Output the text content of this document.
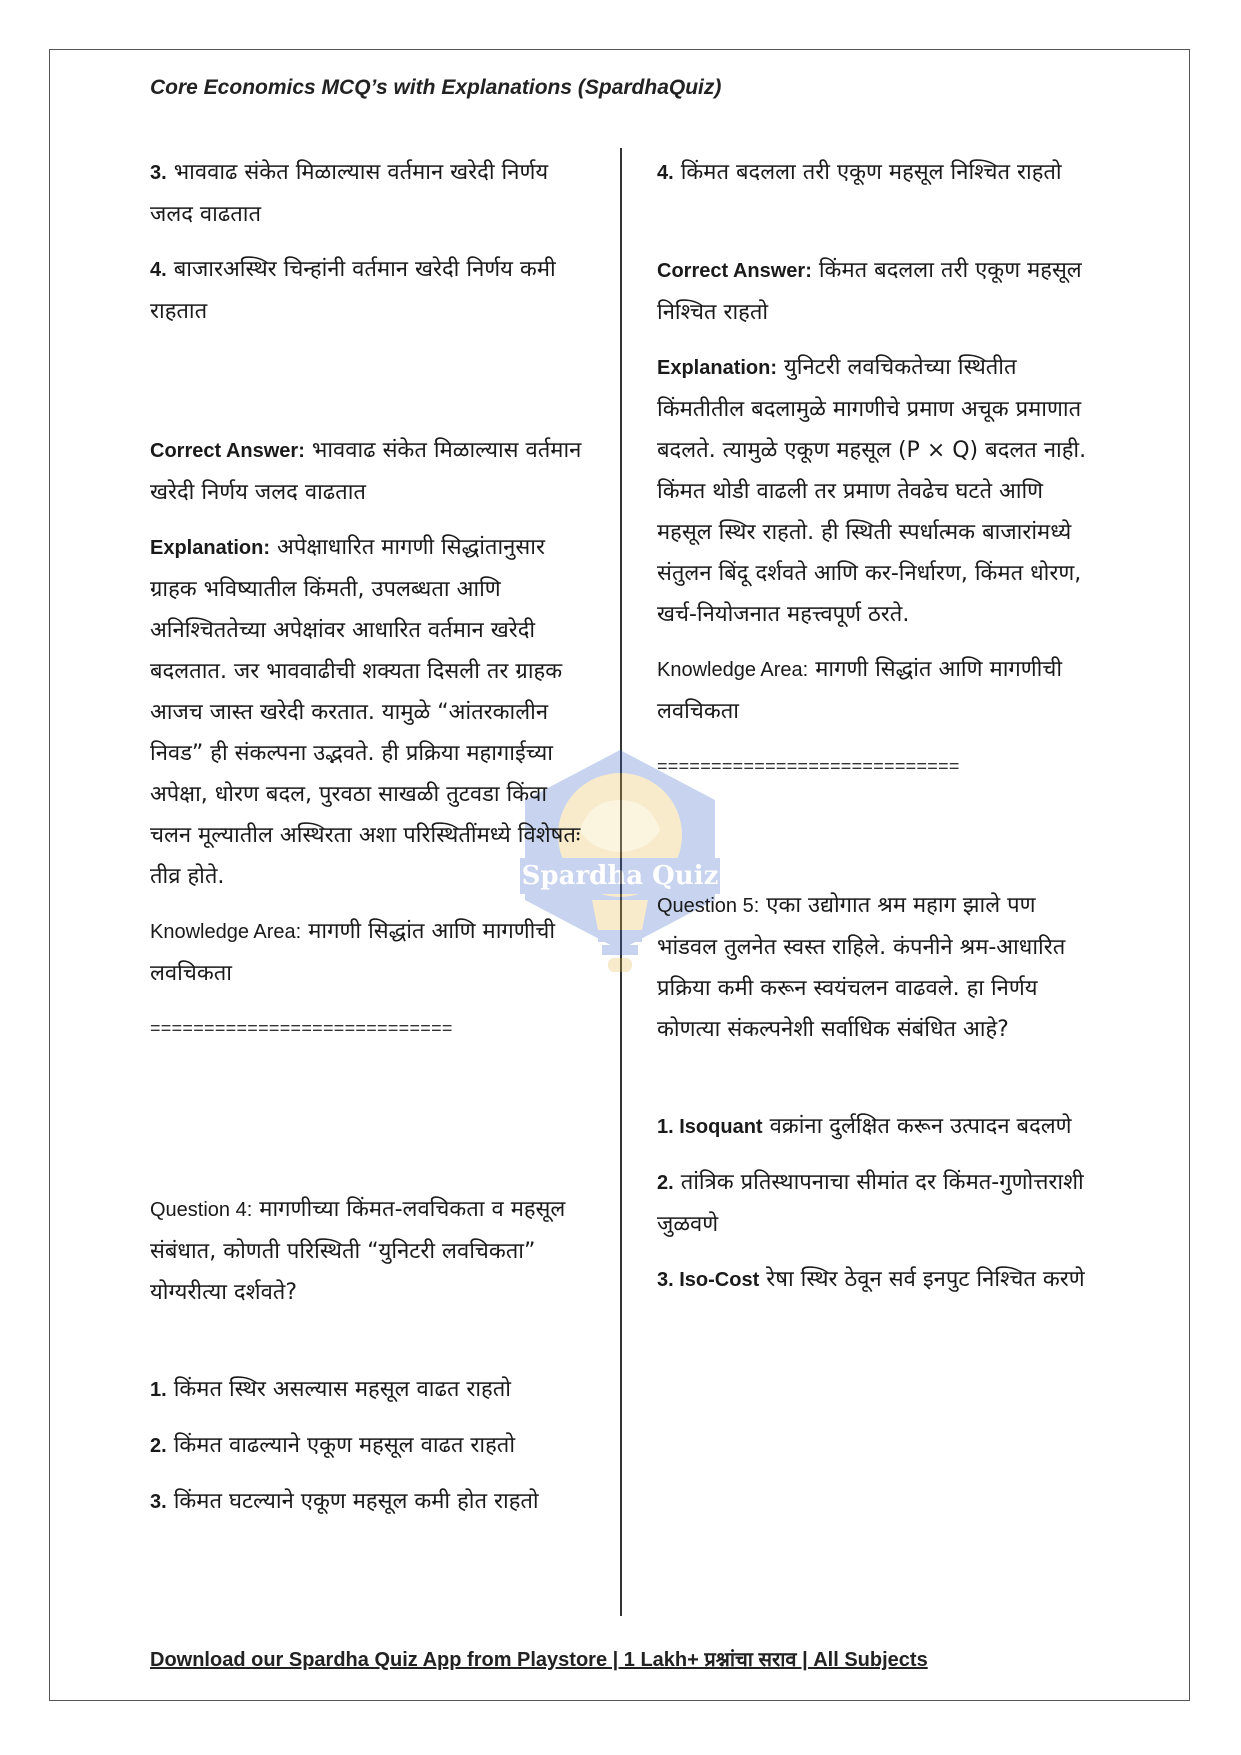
Core Economics MCQ’s with Explanations (SpardhaQuiz)
Spardha Quiz

3. भाववाढ संकेत मिळाल्यास वर्तमान खरेदी निर्णय जलद वाढतात

4. बाजारअस्थिर चिन्हांनी वर्तमान खरेदी निर्णय कमी राहतात

Correct Answer: भाववाढ संकेत मिळाल्यास वर्तमान खरेदी निर्णय जलद वाढतात

Explanation: अपेक्षाधारित मागणी सिद्धांतानुसार ग्राहक भविष्यातील किंमती, उपलब्धता आणि अनिश्चिततेच्या अपेक्षांवर आधारित वर्तमान खरेदी बदलतात. जर भाववाढीची शक्यता दिसली तर ग्राहक आजच जास्त खरेदी करतात. यामुळे “आंतरकालीन निवड” ही संकल्पना उद्भवते. ही प्रक्रिया महागाईच्या अपेक्षा, धोरण बदल, पुरवठा साखळी तुटवडा किंवा चलन मूल्यातील अस्थिरता अशा परिस्थितींमध्ये विशेषतः तीव्र होते.

Knowledge Area: मागणी सिद्धांत आणि मागणीची लवचिकता

============================

Question 4: मागणीच्या किंमत-लवचिकता व महसूल संबंधात, कोणती परिस्थिती “युनिटरी लवचिकता” योग्यरीत्या दर्शवते?

1. किंमत स्थिर असल्यास महसूल वाढत राहतो

2. किंमत वाढल्याने एकूण महसूल वाढत राहतो

3. किंमत घटल्याने एकूण महसूल कमी होत राहतो

4. किंमत बदलला तरी एकूण महसूल निश्चित राहतो

Correct Answer: किंमत बदलला तरी एकूण महसूल निश्चित राहतो

Explanation: युनिटरी लवचिकतेच्या स्थितीत किंमतीतील बदलामुळे मागणीचे प्रमाण अचूक प्रमाणात बदलते. त्यामुळे एकूण महसूल (P × Q) बदलत नाही. किंमत थोडी वाढली तर प्रमाण तेवढेच घटते आणि महसूल स्थिर राहतो. ही स्थिती स्पर्धात्मक बाजारांमध्ये संतुलन बिंदू दर्शवते आणि कर-निर्धारण, किंमत धोरण, खर्च-नियोजनात महत्त्वपूर्ण ठरते.

Knowledge Area: मागणी सिद्धांत आणि मागणीची लवचिकता

============================

Question 5: एका उद्योगात श्रम महाग झाले पण भांडवल तुलनेत स्वस्त राहिले. कंपनीने श्रम-आधारित प्रक्रिया कमी करून स्वयंचलन वाढवले. हा निर्णय कोणत्या संकल्पनेशी सर्वाधिक संबंधित आहे?

1. Isoquant वक्रांना दुर्लक्षित करून उत्पादन बदलणे

2. तांत्रिक प्रतिस्थापनाचा सीमांत दर किंमत-गुणोत्तराशी जुळवणे

3. Iso-Cost रेषा स्थिर ठेवून सर्व इनपुट निश्चित करणे

Download our Spardha Quiz App from Playstore | 1 Lakh+ प्रश्नांचा सराव | All Subjects
